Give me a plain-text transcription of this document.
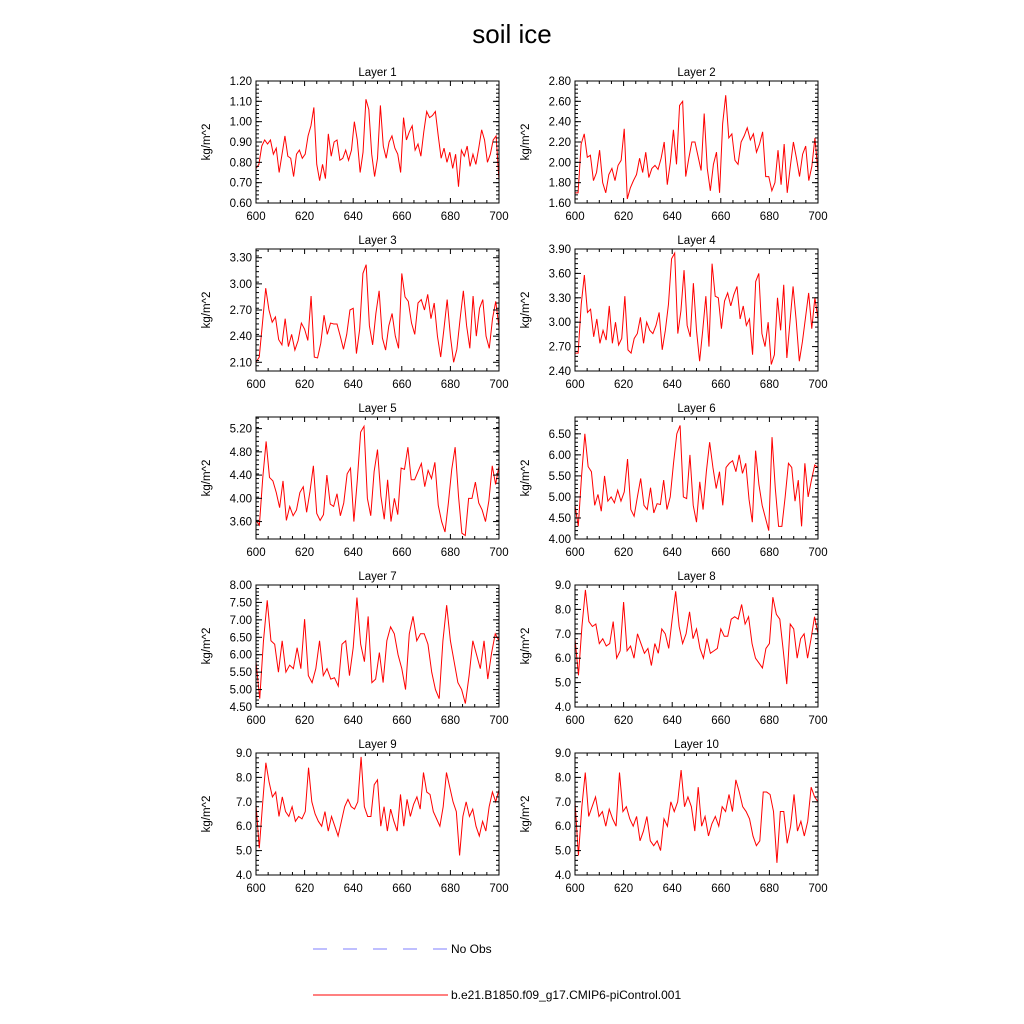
soil ice
Layer 1
600	620	640	660	680	700
0.60
0.70
0.80
0.90
1.00
1.10
1.20
kg/m^2
Layer 2
600	620	640	660	680	700
1.60
1.80
2.00
2.20
2.40
2.60
2.80
kg/m^2
Layer 3
600	620	640	660	680	700
2.10
2.40
2.70
3.00
3.30
kg/m^2
Layer 4
600	620	640	660	680	700
2.40
2.70
3.00
3.30
3.60
3.90
kg/m^2
Layer 5
600	620	640	660	680	700
3.60
4.00
4.40
4.80
5.20
kg/m^2
Layer 6
600	620	640	660	680	700
4.00
4.50
5.00
5.50
6.00
6.50
kg/m^2
Layer 7
600	620	640	660	680	700
4.50
5.00
5.50
6.00
6.50
7.00
7.50
8.00
kg/m^2
Layer 8
600	620	640	660	680	700
4.0
5.0
6.0
7.0
8.0
9.0
kg/m^2
Layer 9
600	620	640	660	680	700
4.0
5.0
6.0
7.0
8.0
9.0
kg/m^2
Layer 10
600	620	640	660	680	700
4.0
5.0
6.0
7.0
8.0
9.0
kg/m^2
No Obs
b.e21.B1850.f09_g17.CMIP6-piControl.001
